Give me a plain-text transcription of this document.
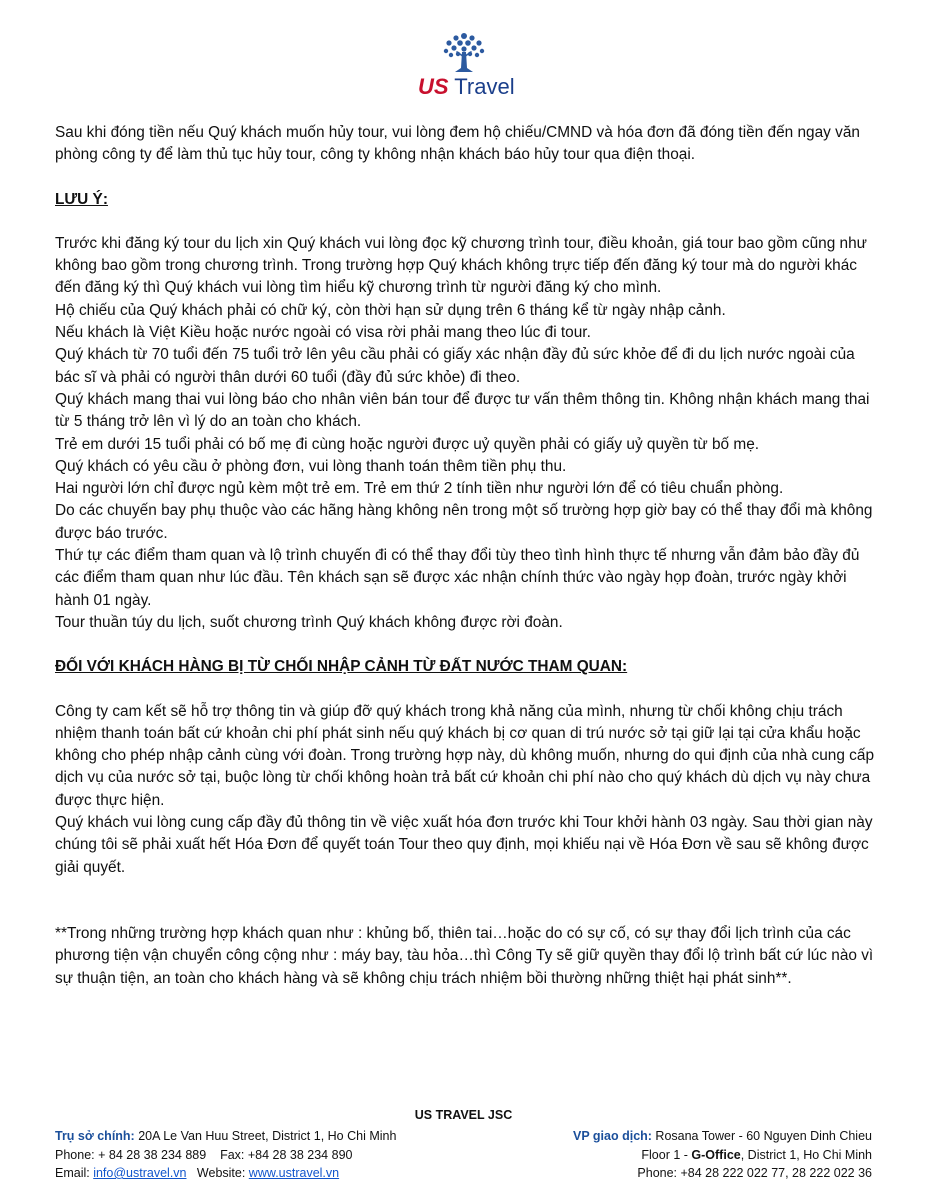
US Travel

Sau khi đóng tiền nếu Quý khách muốn hủy tour, vui lòng đem hộ chiếu/CMND và hóa đơn đã đóng tiền đến ngay văn phòng công ty để làm thủ tục hủy tour, công ty không nhận khách báo hủy tour qua điện thoại.

LƯU Ý:

Trước khi đăng ký tour du lịch xin Quý khách vui lòng đọc kỹ chương trình tour, điều khoản, giá tour bao gồm cũng như không bao gồm trong chương trình. Trong trường hợp Quý khách không trực tiếp đến đăng ký tour mà do người khác đến đăng ký thì Quý khách vui lòng tìm hiểu kỹ chương trình từ người đăng ký cho mình.

Hộ chiếu của Quý khách phải có chữ ký, còn thời hạn sử dụng trên 6 tháng kể từ ngày nhập cảnh.

Nếu khách là Việt Kiều hoặc nước ngoài có visa rời phải mang theo lúc đi tour.

Quý khách từ 70 tuổi đến 75 tuổi trở lên yêu cầu phải có giấy xác nhận đầy đủ sức khỏe để đi du lịch nước ngoài của bác sĩ và phải có người thân dưới 60 tuổi (đầy đủ sức khỏe) đi theo.

Quý khách mang thai vui lòng báo cho nhân viên bán tour để được tư vấn thêm thông tin. Không nhận khách mang thai từ 5 tháng trở lên vì lý do an toàn cho khách.

Trẻ em dưới 15 tuổi phải có bố mẹ đi cùng hoặc người được uỷ quyền phải có giấy uỷ quyền từ bố mẹ.

Quý khách có yêu cầu ở phòng đơn, vui lòng thanh toán thêm tiền phụ thu.

Hai người lớn chỉ được ngủ kèm một trẻ em. Trẻ em thứ 2 tính tiền như người lớn để có tiêu chuẩn phòng.

Do các chuyến bay phụ thuộc vào các hãng hàng không nên trong một số trường hợp giờ bay có thể thay đổi mà không được báo trước.

Thứ tự các điểm tham quan và lộ trình chuyến đi có thể thay đổi tùy theo tình hình thực tế nhưng vẫn đảm bảo đầy đủ các điểm tham quan như lúc đầu. Tên khách sạn sẽ được xác nhận chính thức vào ngày họp đoàn, trước ngày khởi hành 01 ngày.

Tour thuần túy du lịch, suốt chương trình Quý khách không được rời đoàn.

ĐỐI VỚI KHÁCH HÀNG BỊ TỪ CHỐI NHẬP CẢNH TỪ ĐẤT NƯỚC THAM QUAN:

Công ty cam kết sẽ hỗ trợ thông tin và giúp đỡ quý khách trong khả năng của mình, nhưng từ chối không chịu trách nhiệm thanh toán bất cứ khoản chi phí phát sinh nếu quý khách bị cơ quan di trú nước sở tại giữ lại tại cửa khẩu hoặc không cho phép nhập cảnh cùng với đoàn. Trong trường hợp này, dù không muốn, nhưng do qui định của nhà cung cấp dịch vụ của nước sở tại, buộc lòng từ chối không hoàn trả bất cứ khoản chi phí nào cho quý khách dù dịch vụ này chưa được thực hiện.

Quý khách vui lòng cung cấp đầy đủ thông tin về việc xuất hóa đơn trước khi Tour khởi hành 03 ngày. Sau thời gian này chúng tôi sẽ phải xuất hết Hóa Đơn để quyết toán Tour theo quy định, mọi khiếu nại về Hóa Đơn về sau sẽ không được giải quyết.

**Trong những trường hợp khách quan như : khủng bố, thiên tai…hoặc do có sự cố, có sự thay đổi lịch trình của các phương tiện vận chuyển công cộng như : máy bay, tàu hỏa…thì Công Ty sẽ giữ quyền thay đổi lộ trình bất cứ lúc nào vì sự thuận tiện, an toàn cho khách hàng và sẽ không chịu trách nhiệm bồi thường những thiệt hại phát sinh**.

US TRAVEL JSC
Trụ sở chính: 20A Le Van Huu Street, District 1, Ho Chi Minh
Phone: + 84 28 38 234 889    Fax: +84 28 38 234 890
Email: info@ustravel.vn   Website: www.ustravel.vn
VP giao dịch: Rosana Tower - 60 Nguyen Dinh Chieu
Floor 1 - G-Office, District 1, Ho Chi Minh
Phone: +84 28 222 022 77, 28 222 022 36
